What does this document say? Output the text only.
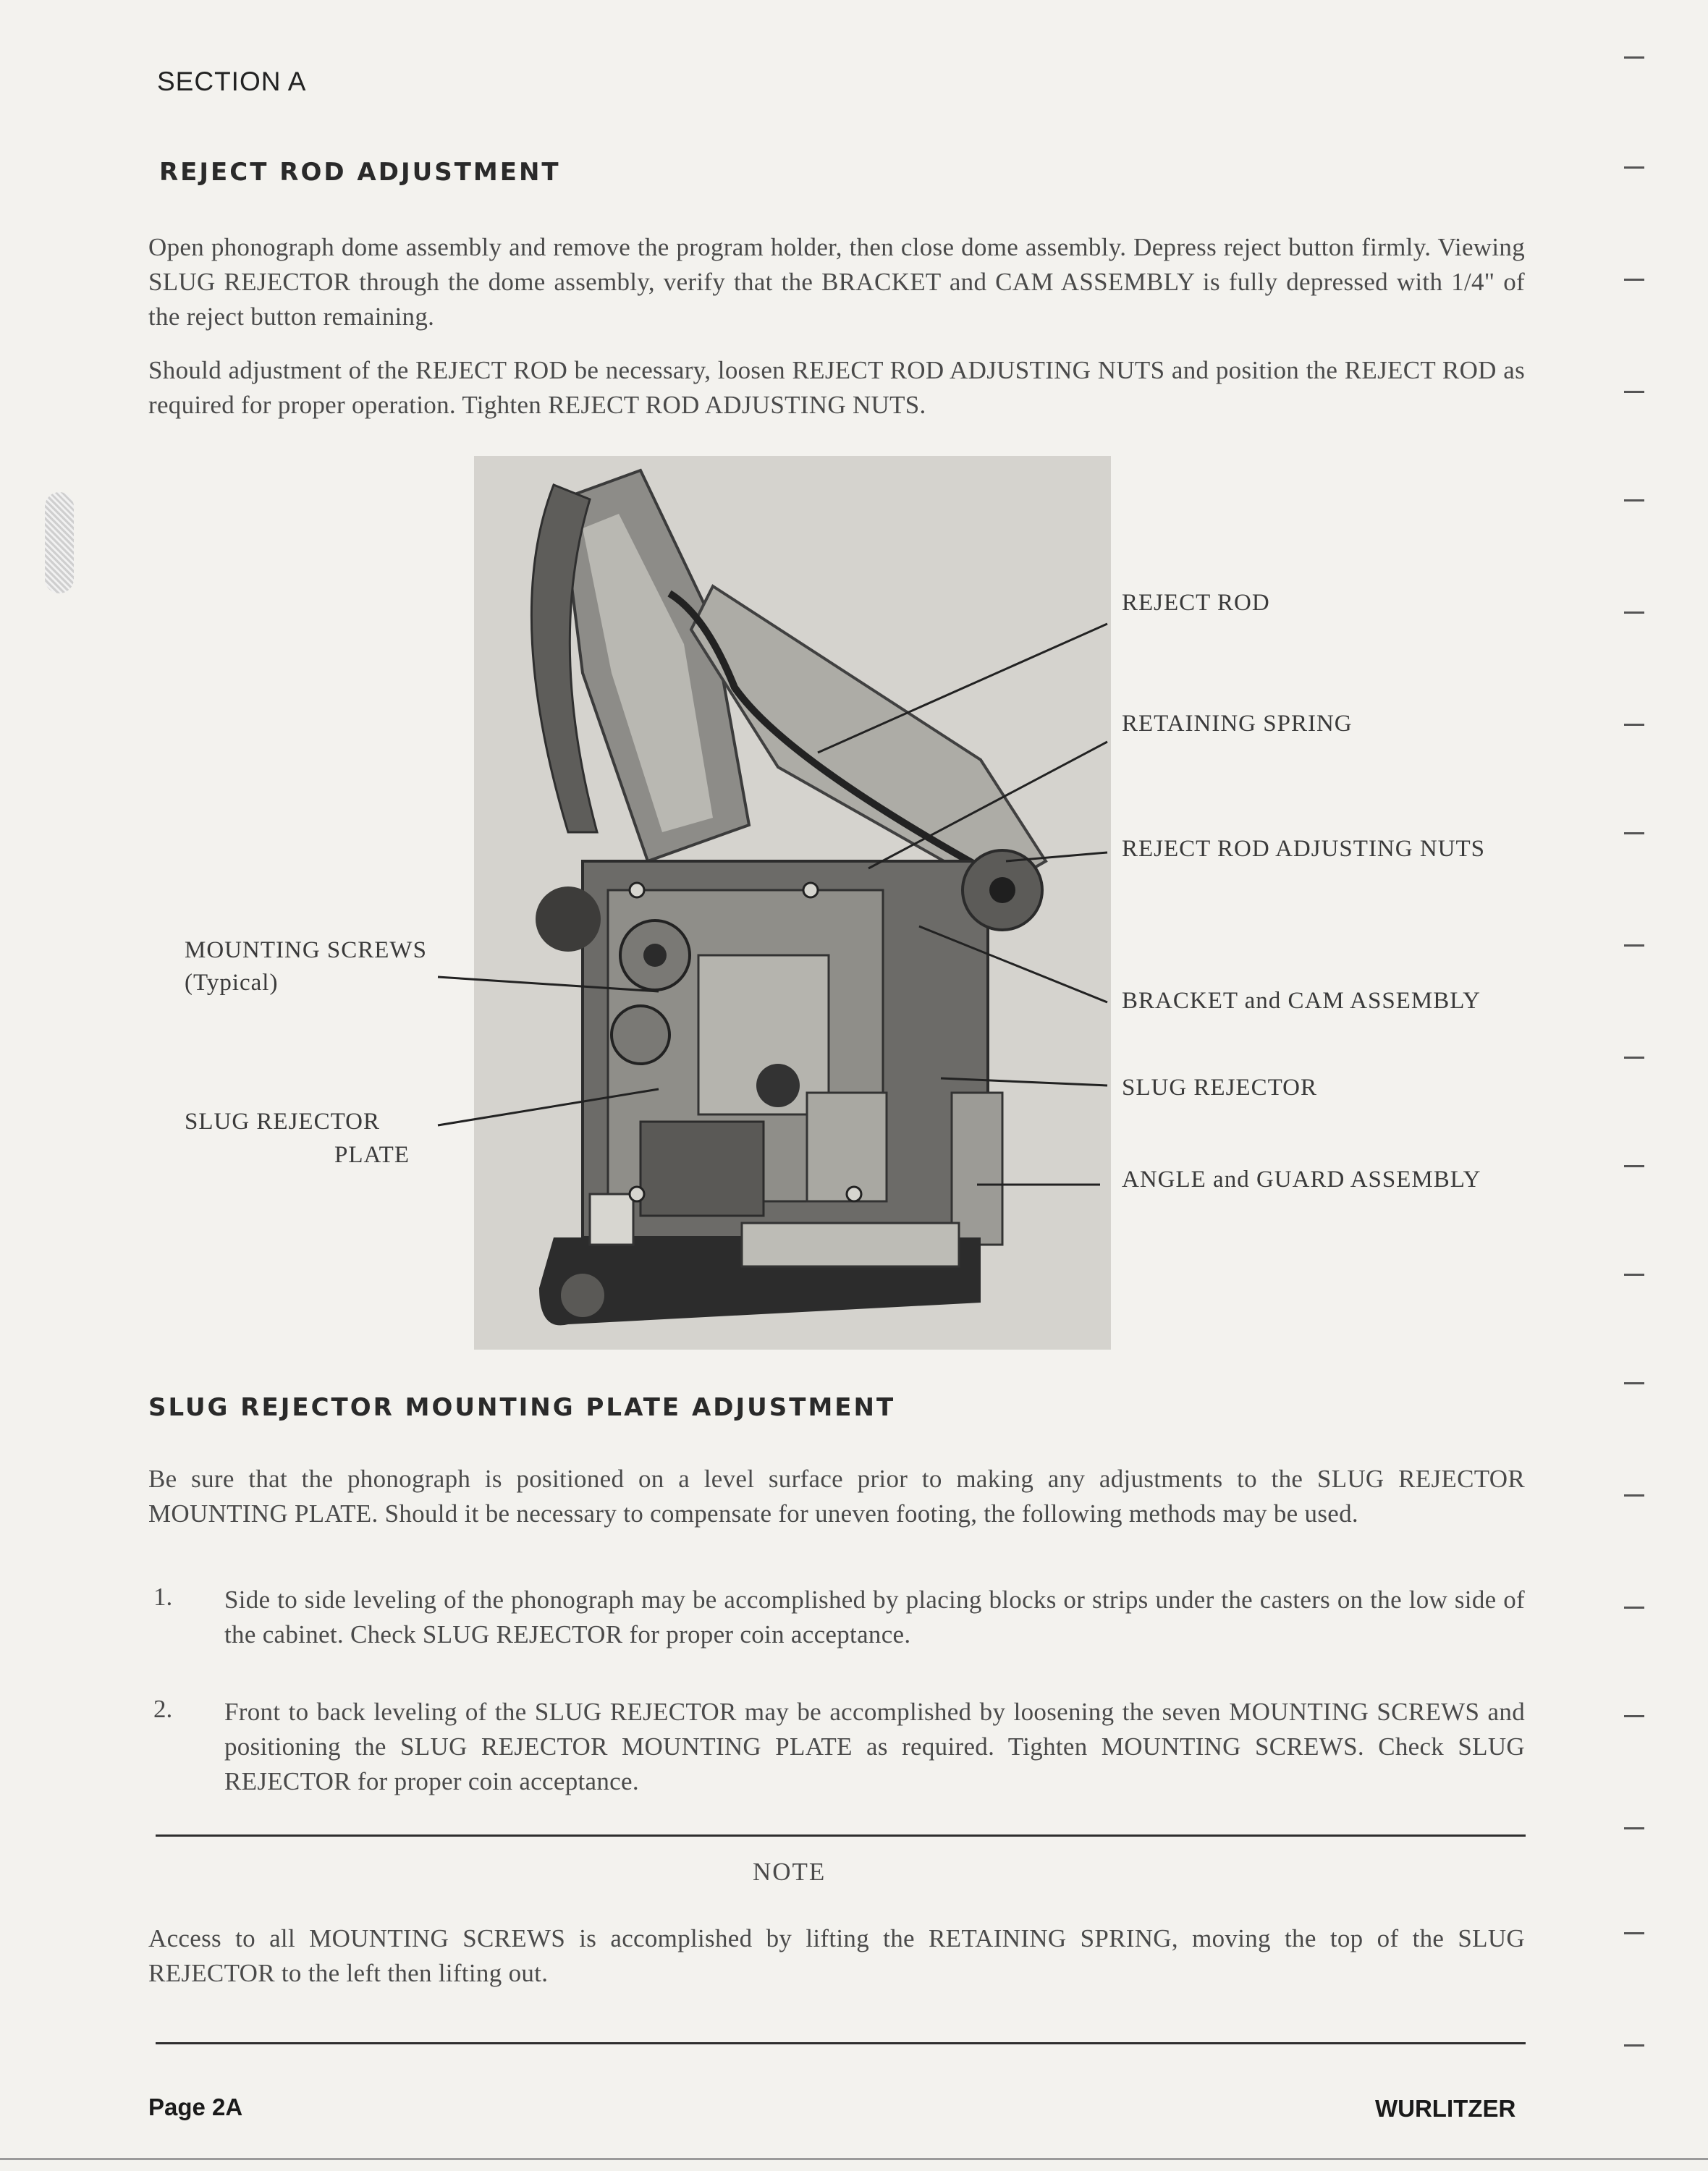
SECTION A
REJECT ROD ADJUSTMENT
Open phonograph dome assembly and remove the program holder, then close dome assembly. Depress reject button firmly. Viewing SLUG REJECTOR through the dome assembly, verify that the BRACKET and CAM ASSEMBLY is fully depressed with 1/4" of the reject button remaining.
Should adjustment of the REJECT ROD be necessary, loosen REJECT ROD ADJUSTING NUTS and position the REJECT ROD as required for proper operation. Tighten REJECT ROD ADJUSTING NUTS.
REJECT ROD
RETAINING SPRING
REJECT ROD ADJUSTING NUTS
BRACKET and CAM ASSEMBLY
SLUG REJECTOR
ANGLE and GUARD ASSEMBLY
MOUNTING SCREWS
(Typical)
SLUG REJECTOR
PLATE
SLUG REJECTOR MOUNTING PLATE ADJUSTMENT
Be sure that the phonograph is positioned on a level surface prior to making any adjustments to the SLUG REJECTOR MOUNTING PLATE. Should it be necessary to compensate for uneven footing, the following methods may be used.
1. Side to side leveling of the phonograph may be accomplished by placing blocks or strips under the casters on the low side of the cabinet. Check SLUG REJECTOR for proper coin acceptance.
2. Front to back leveling of the SLUG REJECTOR may be accomplished by loosening the seven MOUNTING SCREWS and positioning the SLUG REJECTOR MOUNTING PLATE as required. Tighten MOUNTING SCREWS. Check SLUG REJECTOR for proper coin acceptance.
NOTE
Access to all MOUNTING SCREWS is accomplished by lifting the RETAINING SPRING, moving the top of the SLUG REJECTOR to the left then lifting out.
Page 2A	WURLITZER
